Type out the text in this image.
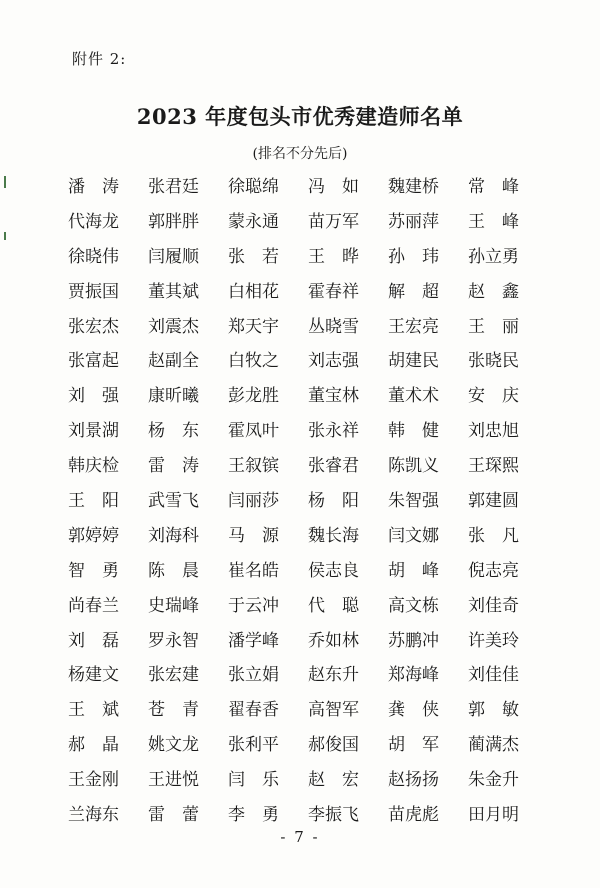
附件 2:
2023 年度包头市优秀建造师名单
(排名不分先后)
潘涛 张君廷	徐聪绵	冯如 魏建桥	常峰
代海龙	郭胖胖	蒙永通	苗万军	苏丽萍	王峰
徐晓伟	闫履顺	张若 王晔 孙玮 孙立勇
贾振国	董其斌	白相花	霍春祥	解超 赵鑫
张宏杰	刘震杰	郑天宇	丛晓雪	王宏亮	王丽
张富起	赵副全	白牧之	刘志强	胡建民	张晓民
刘强 康昕曦	彭龙胜	董宝林	董术术	安庆
刘景湖	杨东 霍凤叶	张永祥	韩健 刘忠旭
韩庆检	雷涛 王叙镔	张睿君	陈凯义	王琛熙
王阳 武雪飞	闫丽莎	杨阳 朱智强	郭建圆
郭婷婷	刘海科	马源 魏长海	闫文娜	张凡
智勇 陈晨 崔名皓	侯志良	胡峰 倪志亮
尚春兰	史瑞峰	于云冲	代聪 高文栋	刘佳奇
刘磊 罗永智	潘学峰	乔如林	苏鹏冲	许美玲
杨建文	张宏建	张立娟	赵东升	郑海峰	刘佳佳
王斌 苍青 翟春香	高智军	龚侠 郭敏
郝晶 姚文龙	张利平	郝俊国	胡军 蔺满杰
王金刚	王进悦	闫乐 赵宏 赵扬扬	朱金升
兰海东	雷蕾 李勇 李振飞	苗虎彪	田月明
- 7 -
